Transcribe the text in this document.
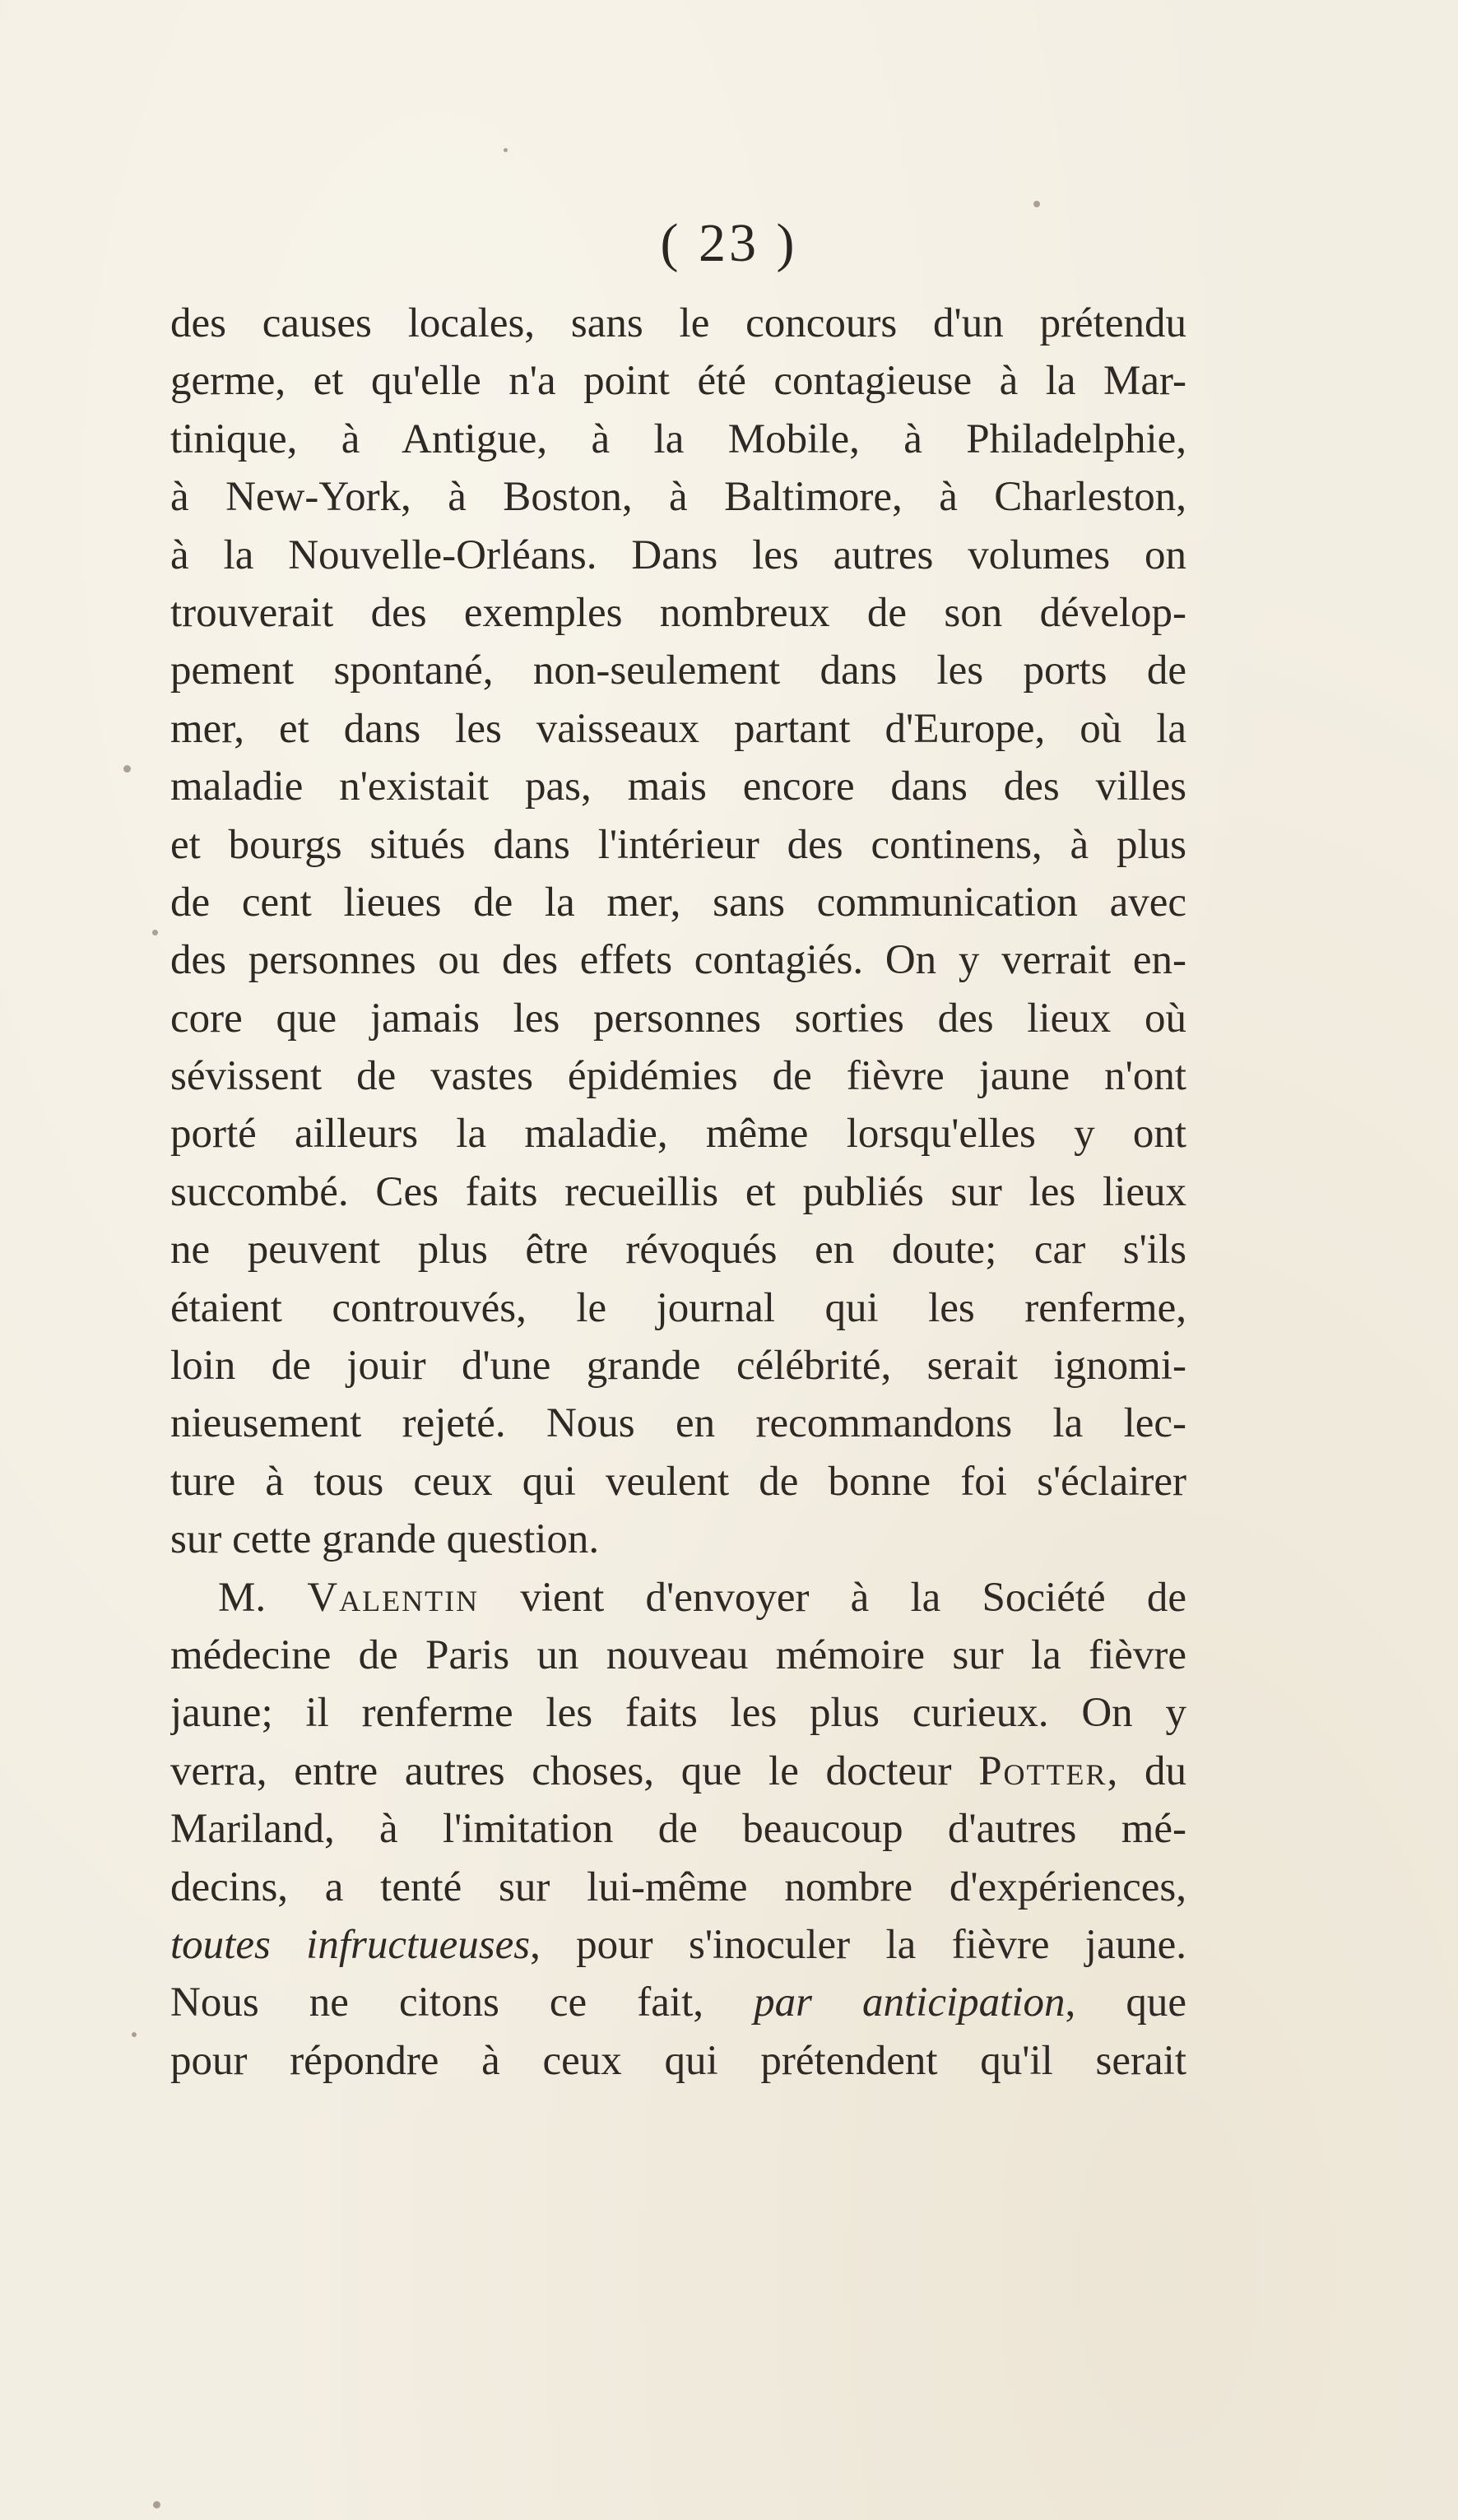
( 23 )
des causes locales, sans le concours d'un prétendu
germe, et qu'elle n'a point été contagieuse à la Mar-
tinique, à Antigue, à la Mobile, à Philadelphie,
à New-York, à Boston, à Baltimore, à Charleston,
à la Nouvelle-Orléans. Dans les autres volumes on
trouverait des exemples nombreux de son dévelop-
pement spontané, non-seulement dans les ports de
mer, et dans les vaisseaux partant d'Europe, où la
maladie n'existait pas, mais encore dans des villes
et bourgs situés dans l'intérieur des continens, à plus
de cent lieues de la mer, sans communication avec
des personnes ou des effets contagiés. On y verrait en-
core que jamais les personnes sorties des lieux où
sévissent de vastes épidémies de fièvre jaune n'ont
porté ailleurs la maladie, même lorsqu'elles y ont
succombé. Ces faits recueillis et publiés sur les lieux
ne peuvent plus être révoqués en doute; car s'ils
étaient controuvés, le journal qui les renferme,
loin de jouir d'une grande célébrité, serait ignomi-
nieusement rejeté. Nous en recommandons la lec-
ture à tous ceux qui veulent de bonne foi s'éclairer
sur cette grande question.
M. Valentin vient d'envoyer à la Société de
médecine de Paris un nouveau mémoire sur la fièvre
jaune; il renferme les faits les plus curieux. On y
verra, entre autres choses, que le docteur Potter, du
Mariland, à l'imitation de beaucoup d'autres mé-
decins, a tenté sur lui-même nombre d'expériences,
toutes infructueuses, pour s'inoculer la fièvre jaune.
Nous ne citons ce fait, par anticipation, que
pour répondre à ceux qui prétendent qu'il serait
